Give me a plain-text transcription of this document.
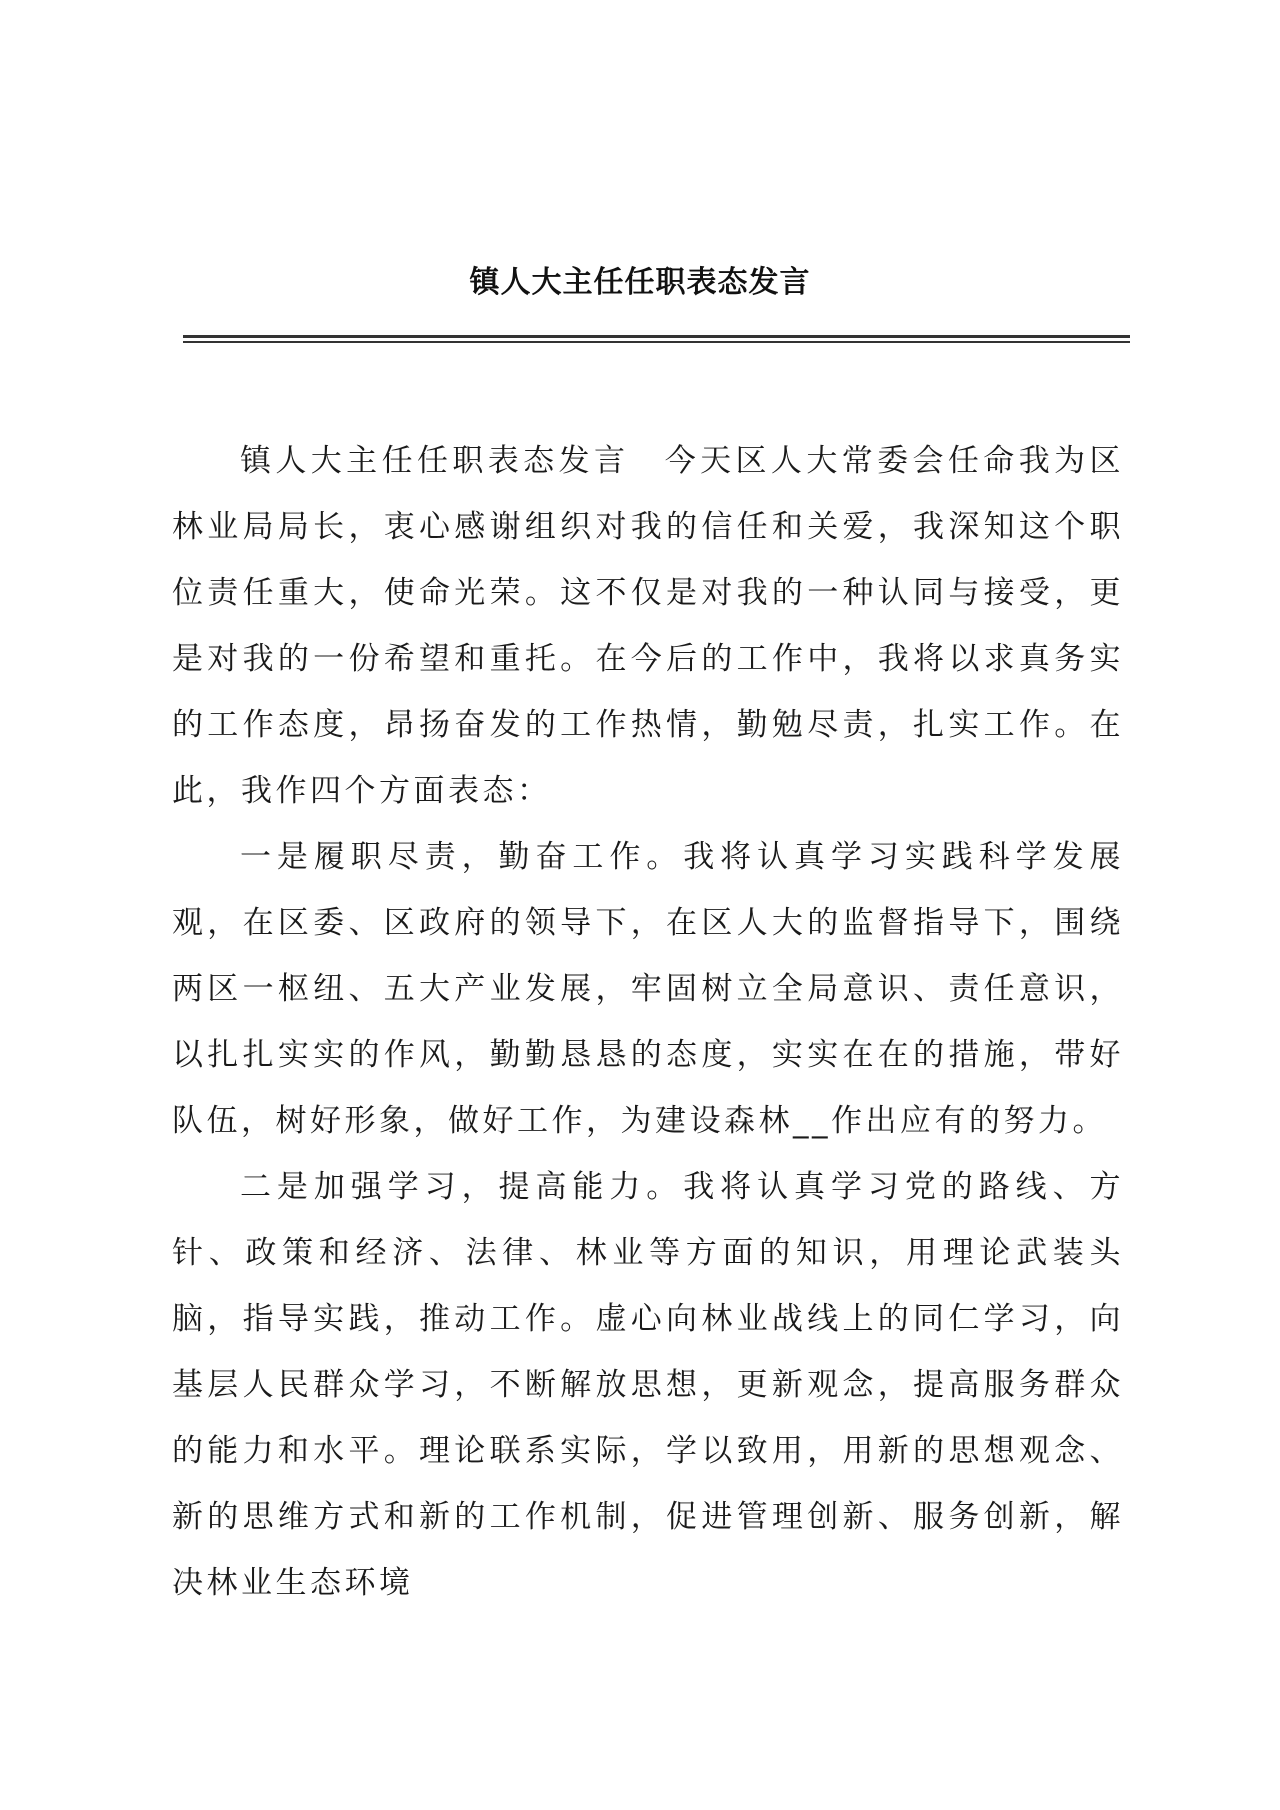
镇人大主任任职表态发言

镇人大主任任职表态发言　今天区人大常委会任命我为区林业局局长，衷心感谢组织对我的信任和关爱，我深知这个职位责任重大，使命光荣。这不仅是对我的一种认同与接受，更是对我的一份希望和重托。在今后的工作中，我将以求真务实的工作态度，昂扬奋发的工作热情，勤勉尽责，扎实工作。在此，我作四个方面表态：

一是履职尽责，勤奋工作。我将认真学习实践科学发展观，在区委、区政府的领导下，在区人大的监督指导下，围绕两区一枢纽、五大产业发展，牢固树立全局意识、责任意识，以扎扎实实的作风，勤勤恳恳的态度，实实在在的措施，带好队伍，树好形象，做好工作，为建设森林__作出应有的努力。

二是加强学习，提高能力。我将认真学习党的路线、方针、政策和经济、法律、林业等方面的知识，用理论武装头脑，指导实践，推动工作。虚心向林业战线上的同仁学习，向基层人民群众学习，不断解放思想，更新观念，提高服务群众的能力和水平。理论联系实际，学以致用，用新的思想观念、新的思维方式和新的工作机制，促进管理创新、服务创新，解决林业生态环境
